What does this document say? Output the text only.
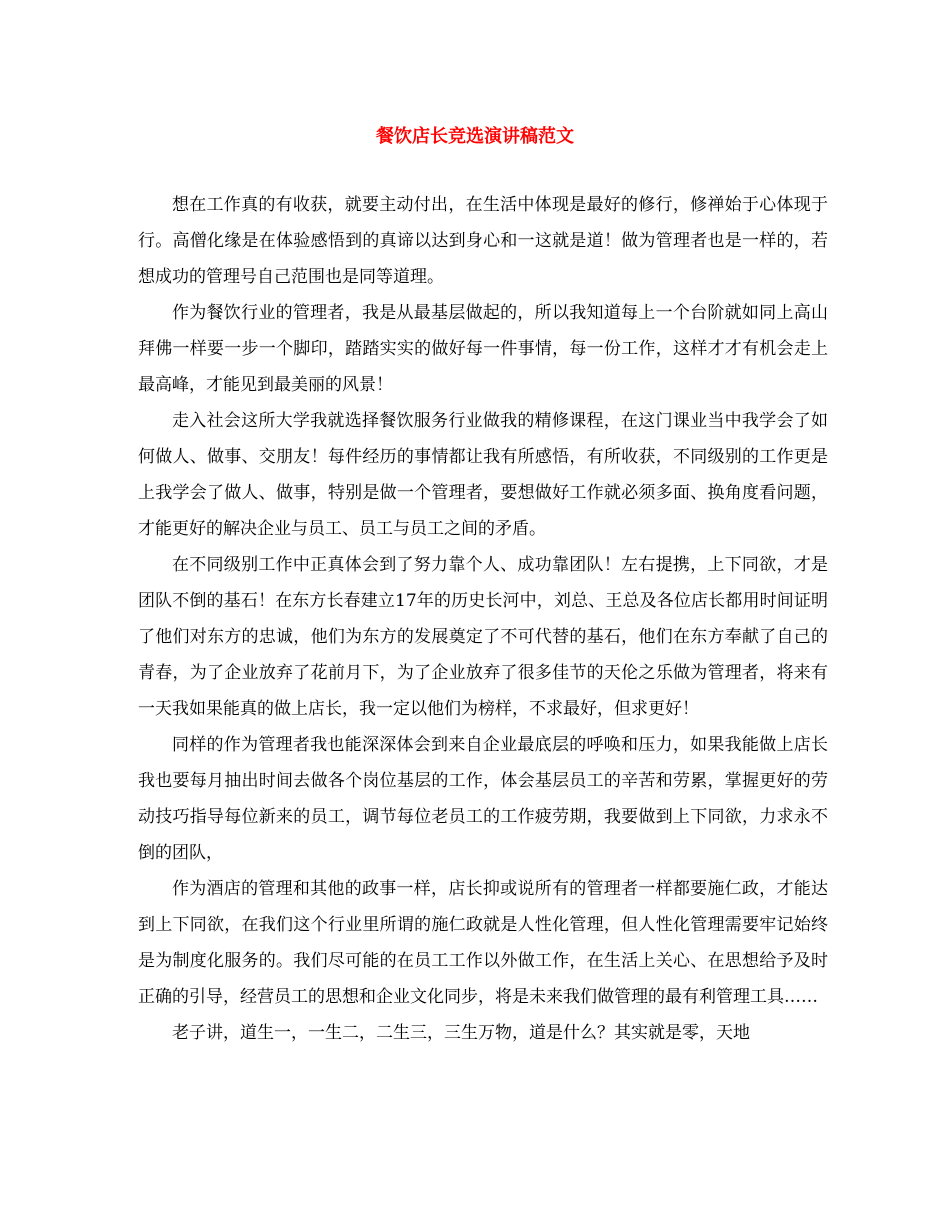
餐饮店长竞选演讲稿范文

想在工作真的有收获，就要主动付出，在生活中体现是最好的修行，修禅始于心体现于行。高僧化缘是在体验感悟到的真谛以达到身心和一这就是道！做为管理者也是一样的，若想成功的管理号自己范围也是同等道理。

作为餐饮行业的管理者，我是从最基层做起的，所以我知道每上一个台阶就如同上高山拜佛一样要一步一个脚印，踏踏实实的做好每一件事情，每一份工作，这样才才有机会走上最高峰，才能见到最美丽的风景！

走入社会这所大学我就选择餐饮服务行业做我的精修课程，在这门课业当中我学会了如何做人、做事、交朋友！每件经历的事情都让我有所感悟，有所收获，不同级别的工作更是上我学会了做人、做事，特别是做一个管理者，要想做好工作就必须多面、换角度看问题，才能更好的解决企业与员工、员工与员工之间的矛盾。

在不同级别工作中正真体会到了努力靠个人、成功靠团队！左右提携，上下同欲，才是团队不倒的基石！在东方长春建立17年的历史长河中，刘总、王总及各位店长都用时间证明了他们对东方的忠诚，他们为东方的发展奠定了不可代替的基石，他们在东方奉献了自己的青春，为了企业放弃了花前月下，为了企业放弃了很多佳节的天伦之乐做为管理者，将来有一天我如果能真的做上店长，我一定以他们为榜样，不求最好，但求更好！

同样的作为管理者我也能深深体会到来自企业最底层的呼唤和压力，如果我能做上店长我也要每月抽出时间去做各个岗位基层的工作，体会基层员工的辛苦和劳累，掌握更好的劳动技巧指导每位新来的员工，调节每位老员工的工作疲劳期，我要做到上下同欲，力求永不倒的团队，

作为酒店的管理和其他的政事一样，店长抑或说所有的管理者一样都要施仁政，才能达到上下同欲，在我们这个行业里所谓的施仁政就是人性化管理，但人性化管理需要牢记始终是为制度化服务的。我们尽可能的在员工工作以外做工作，在生活上关心、在思想给予及时正确的引导，经营员工的思想和企业文化同步，将是未来我们做管理的最有利管理工具……

老子讲，道生一，一生二，二生三，三生万物，道是什么？其实就是零，天地
